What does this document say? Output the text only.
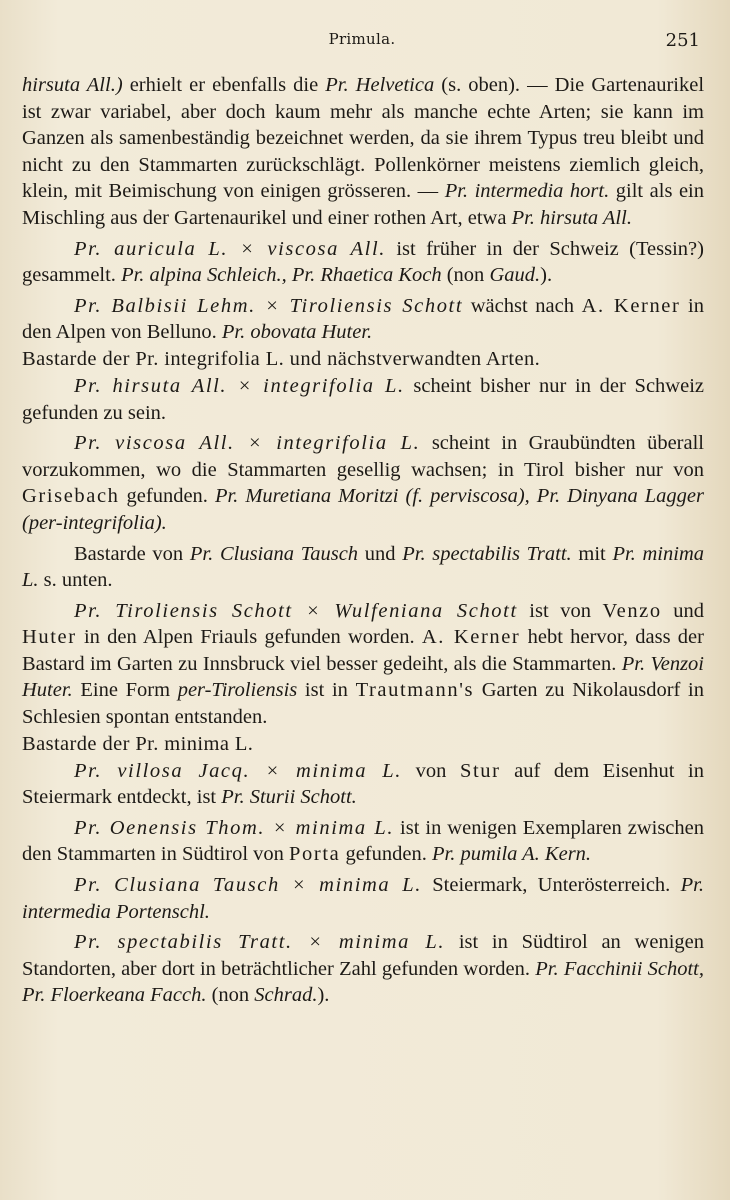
Primula.	251

hirsuta All.) erhielt er ebenfalls die Pr. Helvetica (s. oben). — Die Gartenaurikel ist zwar variabel, aber doch kaum mehr als manche echte Arten; sie kann im Ganzen als samenbeständig bezeichnet werden, da sie ihrem Typus treu bleibt und nicht zu den Stammarten zurückschlägt. Pollenkörner meistens ziemlich gleich, klein, mit Beimischung von einigen grösseren. — Pr. intermedia hort. gilt als ein Mischling aus der Gartenaurikel und einer rothen Art, etwa Pr. hirsuta All.

Pr. auricula L. × viscosa All. ist früher in der Schweiz (Tessin?) gesammelt. Pr. alpina Schleich., Pr. Rhaetica Koch (non Gaud.).

Pr. Balbisii Lehm. × Tiroliensis Schott wächst nach A. Kerner in den Alpen von Belluno. Pr. obovata Huter.

Bastarde der Pr. integrifolia L. und nächstverwandten Arten.

Pr. hirsuta All. × integrifolia L. scheint bisher nur in der Schweiz gefunden zu sein.

Pr. viscosa All. × integrifolia L. scheint in Graubündten überall vorzukommen, wo die Stammarten gesellig wachsen; in Tirol bisher nur von Grisebach gefunden. Pr. Muretiana Moritzi (f. perviscosa), Pr. Dinyana Lagger (per-integrifolia).

Bastarde von Pr. Clusiana Tausch und Pr. spectabilis Tratt. mit Pr. minima L. s. unten.

Pr. Tiroliensis Schott × Wulfeniana Schott ist von Venzo und Huter in den Alpen Friauls gefunden worden. A. Kerner hebt hervor, dass der Bastard im Garten zu Innsbruck viel besser gedeiht, als die Stammarten. Pr. Venzoi Huter. Eine Form per-Tiroliensis ist in Trautmann's Garten zu Nikolausdorf in Schlesien spontan entstanden.

Bastarde der Pr. minima L.

Pr. villosa Jacq. × minima L. von Stur auf dem Eisenhut in Steiermark entdeckt, ist Pr. Sturii Schott.

Pr. Oenensis Thom. × minima L. ist in wenigen Exemplaren zwischen den Stammarten in Südtirol von Porta gefunden. Pr. pumila A. Kern.

Pr. Clusiana Tausch × minima L. Steiermark, Unterösterreich. Pr. intermedia Portenschl.

Pr. spectabilis Tratt. × minima L. ist in Südtirol an wenigen Standorten, aber dort in beträchtlicher Zahl gefunden worden. Pr. Facchinii Schott, Pr. Floerkeana Facch. (non Schrad.).
